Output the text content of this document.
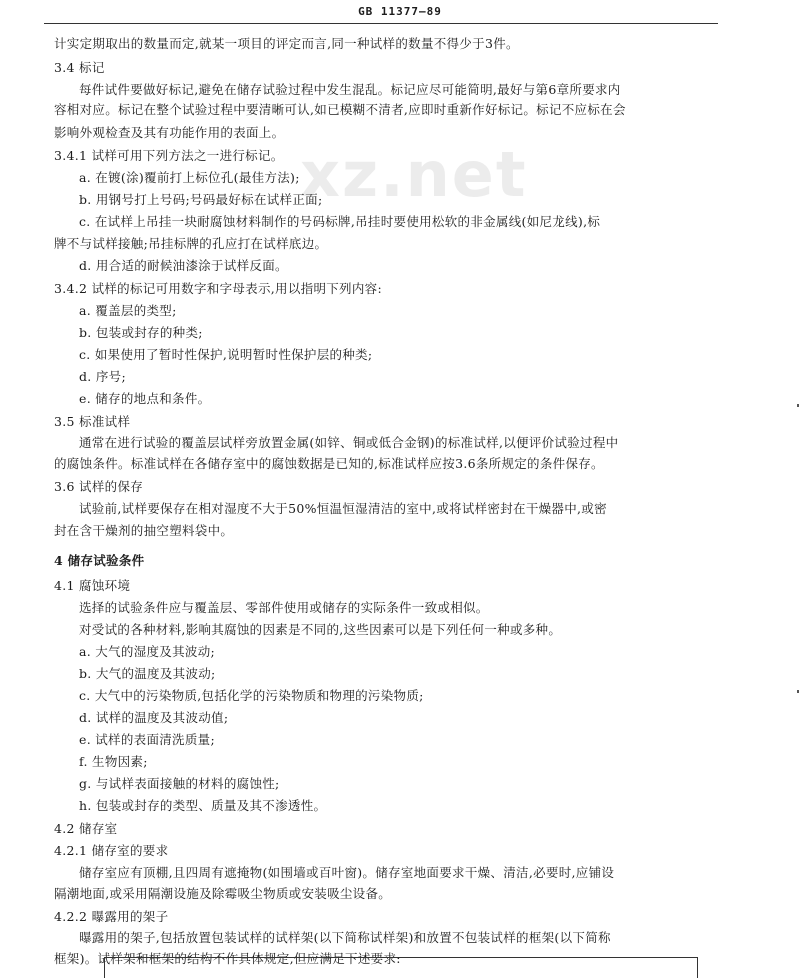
GB 11377—89
xz.net
计实定期取出的数量而定,就某一项目的评定而言,同一种试样的数量不得少于3件。
3.4 标记
每件试件要做好标记,避免在储存试验过程中发生混乱。标记应尽可能简明,最好与第6章所要求内
容相对应。标记在整个试验过程中要清晰可认,如已模糊不清者,应即时重新作好标记。标记不应标在会
影响外观检查及其有功能作用的表面上。
3.4.1 试样可用下列方法之一进行标记。
a. 在镀(涂)覆前打上标位孔(最佳方法);
b. 用钢号打上号码;号码最好标在试样正面;
c. 在试样上吊挂一块耐腐蚀材料制作的号码标牌,吊挂时要使用松软的非金属线(如尼龙线),标
牌不与试样接触;吊挂标牌的孔应打在试样底边。
d. 用合适的耐候油漆涂于试样反面。
3.4.2 试样的标记可用数字和字母表示,用以指明下列内容:
a. 覆盖层的类型;
b. 包装或封存的种类;
c. 如果使用了暂时性保护,说明暂时性保护层的种类;
d. 序号;
e. 储存的地点和条件。
3.5 标准试样
通常在进行试验的覆盖层试样旁放置金属(如锌、铜或低合金钢)的标准试样,以便评价试验过程中
的腐蚀条件。标准试样在各储存室中的腐蚀数据是已知的,标准试样应按3.6条所规定的条件保存。
3.6 试样的保存
试验前,试样要保存在相对湿度不大于50%恒温恒湿清洁的室中,或将试样密封在干燥器中,或密
封在含干燥剂的抽空塑料袋中。
4 储存试验条件
4.1 腐蚀环境
选择的试验条件应与覆盖层、零部件使用或储存的实际条件一致或相似。
对受试的各种材料,影响其腐蚀的因素是不同的,这些因素可以是下列任何一种或多种。
a. 大气的湿度及其波动;
b. 大气的温度及其波动;
c. 大气中的污染物质,包括化学的污染物质和物理的污染物质;
d. 试样的温度及其波动值;
e. 试样的表面清洗质量;
f. 生物因素;
g. 与试样表面接触的材料的腐蚀性;
h. 包装或封存的类型、质量及其不渗透性。
4.2 储存室
4.2.1 储存室的要求
储存室应有顶棚,且四周有遮掩物(如围墙或百叶窗)。储存室地面要求干燥、清洁,必要时,应铺设
隔潮地面,或采用隔潮设施及除霉吸尘物质或安装吸尘设备。
4.2.2 曝露用的架子
曝露用的架子,包括放置包装试样的试样架(以下简称试样架)和放置不包装试样的框架(以下简称
框架)。试样架和框架的结构不作具体规定,但应满足下述要求:
